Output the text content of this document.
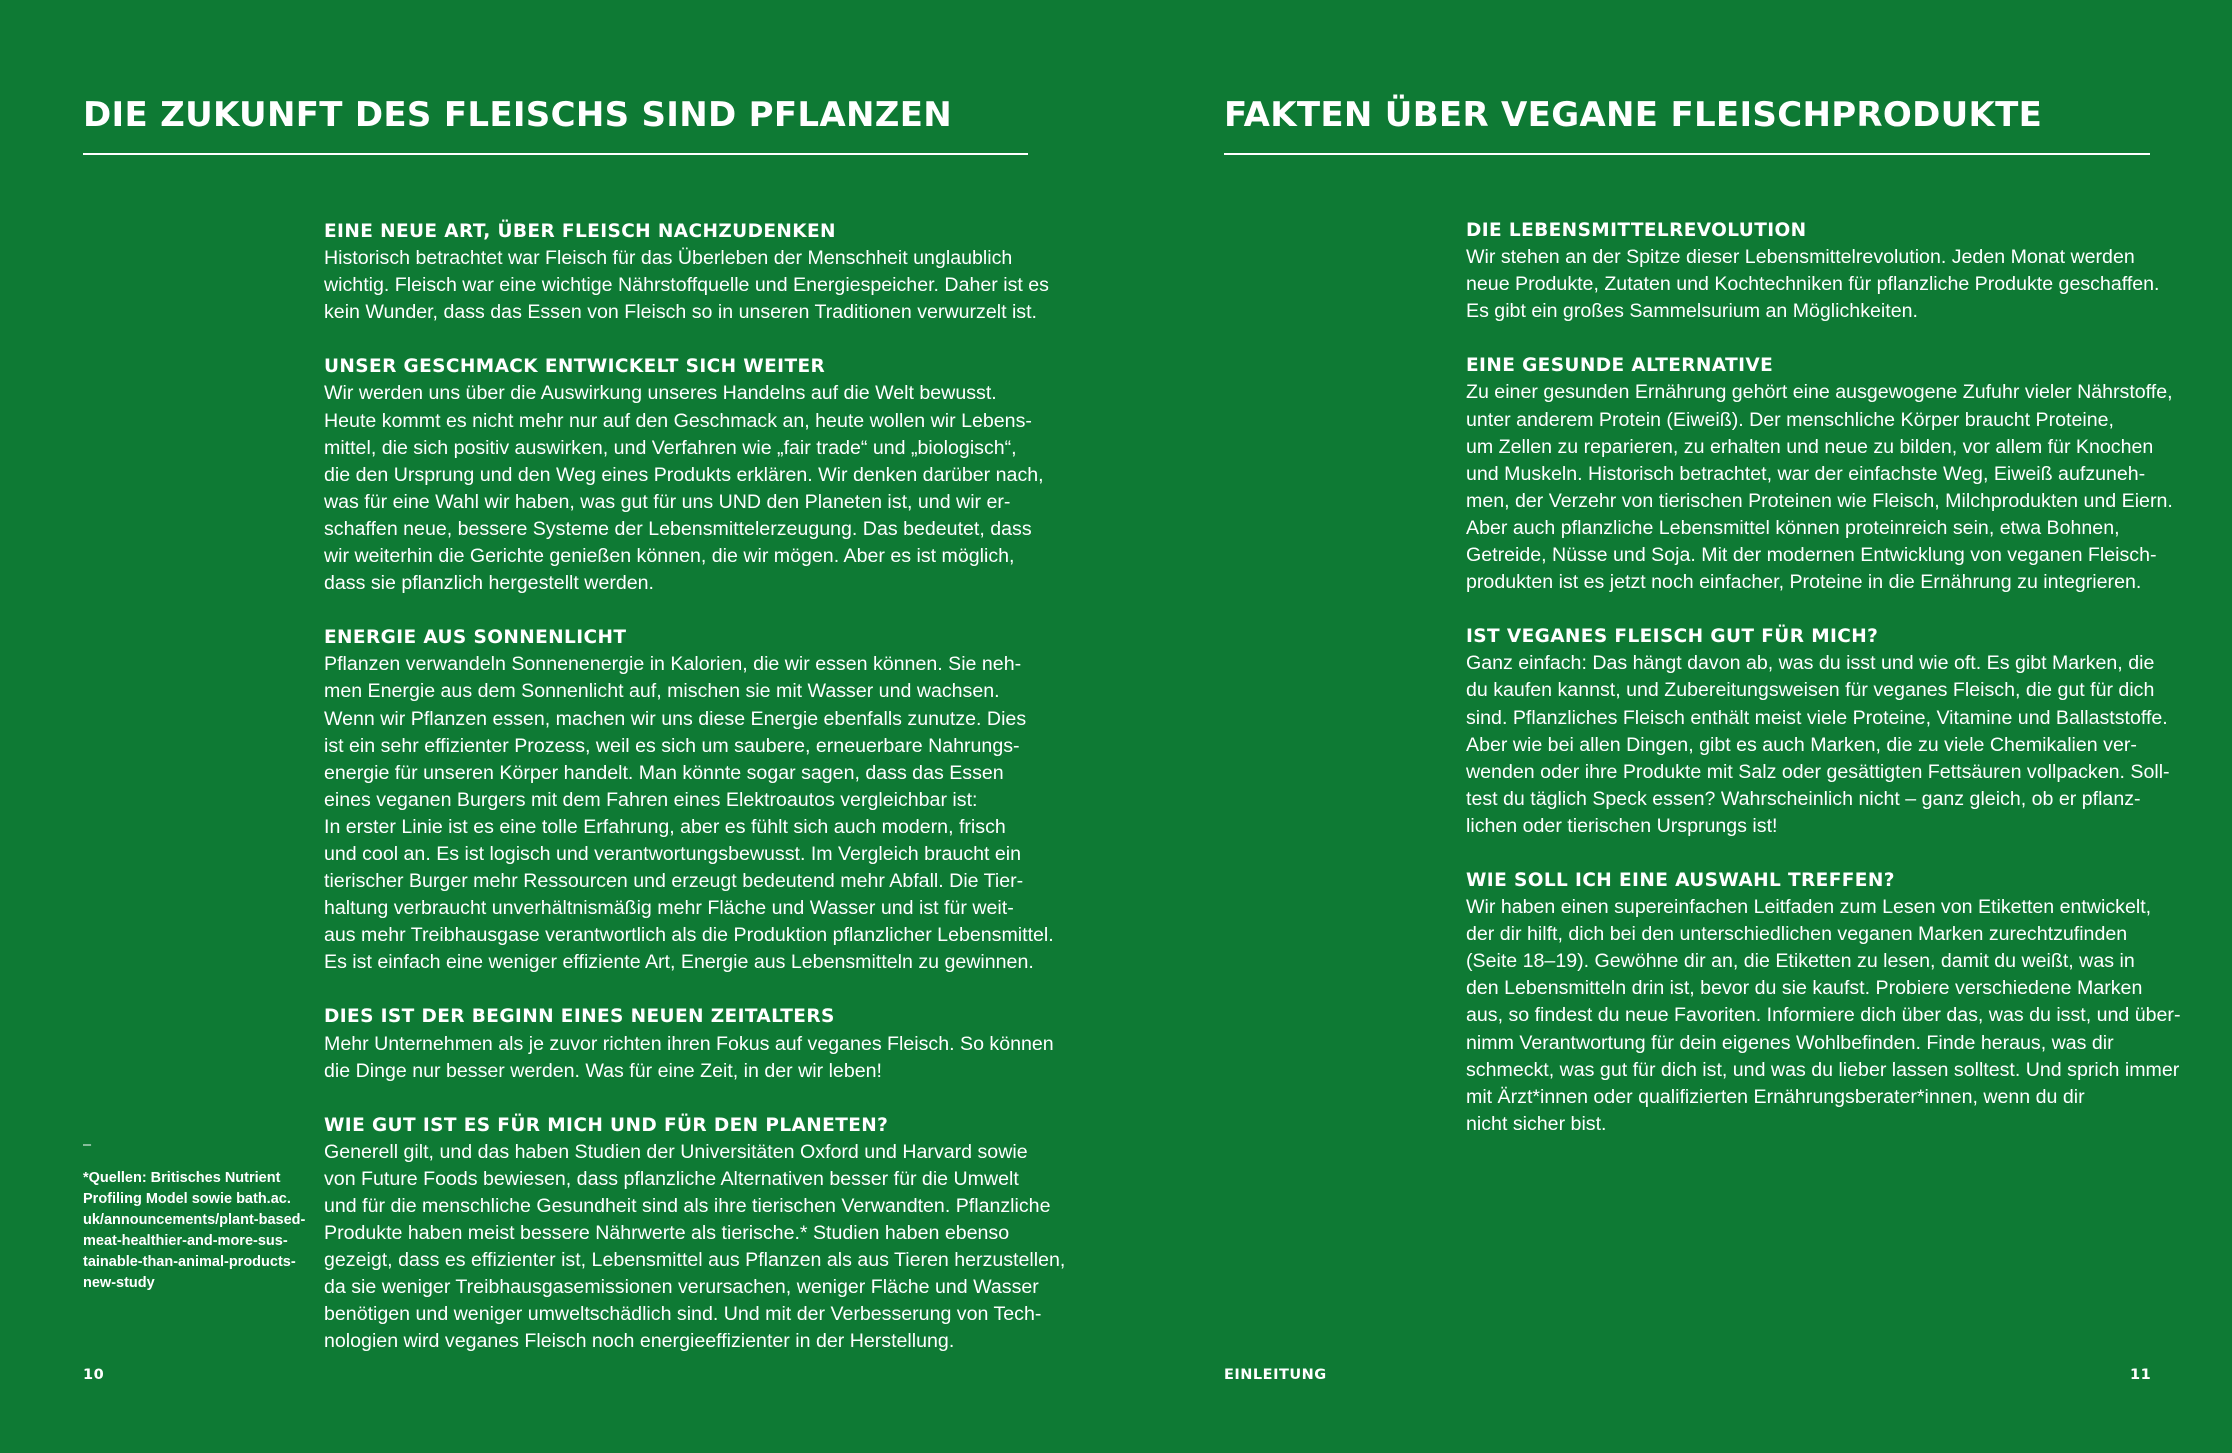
DIE ZUKUNFT DES FLEISCHS SIND PFLANZEN
EINE NEUE ART, ÜBER FLEISCH NACHZUDENKEN

Historisch betrachtet war Fleisch für das Überleben der Menschheit unglaublich
wichtig. Fleisch war eine wichtige Nährstoffquelle und Energiespeicher. Daher ist es
kein Wunder, dass das Essen von Fleisch so in unseren Traditionen verwurzelt ist.

UNSER GESCHMACK ENTWICKELT SICH WEITER

Wir werden uns über die Auswirkung unseres Handelns auf die Welt bewusst.
Heute kommt es nicht mehr nur auf den Geschmack an, heute wollen wir Lebens-
mittel, die sich positiv auswirken, und Verfahren wie „fair trade“ und „biologisch“,
die den Ursprung und den Weg eines Produkts erklären. Wir denken darüber nach,
was für eine Wahl wir haben, was gut für uns UND den Planeten ist, und wir er-
schaffen neue, bessere Systeme der Lebensmittelerzeugung. Das bedeutet, dass
wir weiterhin die Gerichte genießen können, die wir mögen. Aber es ist möglich,
dass sie pflanzlich hergestellt werden.

ENERGIE AUS SONNENLICHT

Pflanzen verwandeln Sonnenenergie in Kalorien, die wir essen können. Sie neh-
men Energie aus dem Sonnenlicht auf, mischen sie mit Wasser und wachsen.
Wenn wir Pflanzen essen, machen wir uns diese Energie ebenfalls zunutze. Dies
ist ein sehr effizienter Prozess, weil es sich um saubere, erneuerbare Nahrungs-
energie für unseren Körper handelt. Man könnte sogar sagen, dass das Essen
eines veganen Burgers mit dem Fahren eines Elektroautos vergleichbar ist:
In erster Linie ist es eine tolle Erfahrung, aber es fühlt sich auch modern, frisch
und cool an. Es ist logisch und verantwortungsbewusst. Im Vergleich braucht ein
tierischer Burger mehr Ressourcen und erzeugt bedeutend mehr Abfall. Die Tier-
haltung verbraucht unverhältnismäßig mehr Fläche und Wasser und ist für weit-
aus mehr Treibhausgase verantwortlich als die Produktion pflanzlicher Lebensmittel.
Es ist einfach eine weniger effiziente Art, Energie aus Lebensmitteln zu gewinnen.

DIES IST DER BEGINN EINES NEUEN ZEITALTERS

Mehr Unternehmen als je zuvor richten ihren Fokus auf veganes Fleisch. So können
die Dinge nur besser werden. Was für eine Zeit, in der wir leben!

WIE GUT IST ES FÜR MICH UND FÜR DEN PLANETEN?

Generell gilt, und das haben Studien der Universitäten Oxford und Harvard sowie
von Future Foods bewiesen, dass pflanzliche Alternativen besser für die Umwelt
und für die menschliche Gesundheit sind als ihre tierischen Verwandten. Pflanzliche
Produkte haben meist bessere Nährwerte als tierische.* Studien haben ebenso
gezeigt, dass es effizienter ist, Lebensmittel aus Pflanzen als aus Tieren herzustellen,
da sie weniger Treibhausgasemissionen verursachen, weniger Fläche und Wasser
benötigen und weniger umweltschädlich sind. Und mit der Verbesserung von Tech-
nologien wird veganes Fleisch noch energieeffizienter in der Herstellung.

–
*Quellen: Britisches Nutrient
Profiling Model sowie bath.ac.
uk/announcements/plant-based-
meat-healthier-and-more-sus-
tainable-than-animal-products-
new-study
10
FAKTEN ÜBER VEGANE FLEISCHPRODUKTE
DIE LEBENSMITTELREVOLUTION

Wir stehen an der Spitze dieser Lebensmittelrevolution. Jeden Monat werden
neue Produkte, Zutaten und Kochtechniken für pflanzliche Produkte geschaffen.
Es gibt ein großes Sammelsurium an Möglichkeiten.

EINE GESUNDE ALTERNATIVE

Zu einer gesunden Ernährung gehört eine ausgewogene Zufuhr vieler Nährstoffe,
unter anderem Protein (Eiweiß). Der menschliche Körper braucht Proteine,
um Zellen zu reparieren, zu erhalten und neue zu bilden, vor allem für Knochen
und Muskeln. Historisch betrachtet, war der einfachste Weg, Eiweiß aufzuneh-
men, der Verzehr von tierischen Proteinen wie Fleisch, Milchprodukten und Eiern.
Aber auch pflanzliche Lebensmittel können proteinreich sein, etwa Bohnen,
Getreide, Nüsse und Soja. Mit der modernen Entwicklung von veganen Fleisch-
produkten ist es jetzt noch einfacher, Proteine in die Ernährung zu integrieren.

IST VEGANES FLEISCH GUT FÜR MICH?

Ganz einfach: Das hängt davon ab, was du isst und wie oft. Es gibt Marken, die
du kaufen kannst, und Zubereitungsweisen für veganes Fleisch, die gut für dich
sind. Pflanzliches Fleisch enthält meist viele Proteine, Vitamine und Ballaststoffe.
Aber wie bei allen Dingen, gibt es auch Marken, die zu viele Chemikalien ver-
wenden oder ihre Produkte mit Salz oder gesättigten Fettsäuren vollpacken. Soll-
test du täglich Speck essen? Wahrscheinlich nicht – ganz gleich, ob er pflanz-
lichen oder tierischen Ursprungs ist!

WIE SOLL ICH EINE AUSWAHL TREFFEN?

Wir haben einen supereinfachen Leitfaden zum Lesen von Etiketten entwickelt,
der dir hilft, dich bei den unterschiedlichen veganen Marken zurechtzufinden
(Seite 18–19). Gewöhne dir an, die Etiketten zu lesen, damit du weißt, was in
den Lebensmitteln drin ist, bevor du sie kaufst. Probiere verschiedene Marken
aus, so findest du neue Favoriten. Informiere dich über das, was du isst, und über-
nimm Verantwortung für dein eigenes Wohlbefinden. Finde heraus, was dir
schmeckt, was gut für dich ist, und was du lieber lassen solltest. Und sprich immer
mit Ärzt*innen oder qualifizierten Ernährungsberater*innen, wenn du dir
nicht sicher bist.

EINLEITUNG	11
